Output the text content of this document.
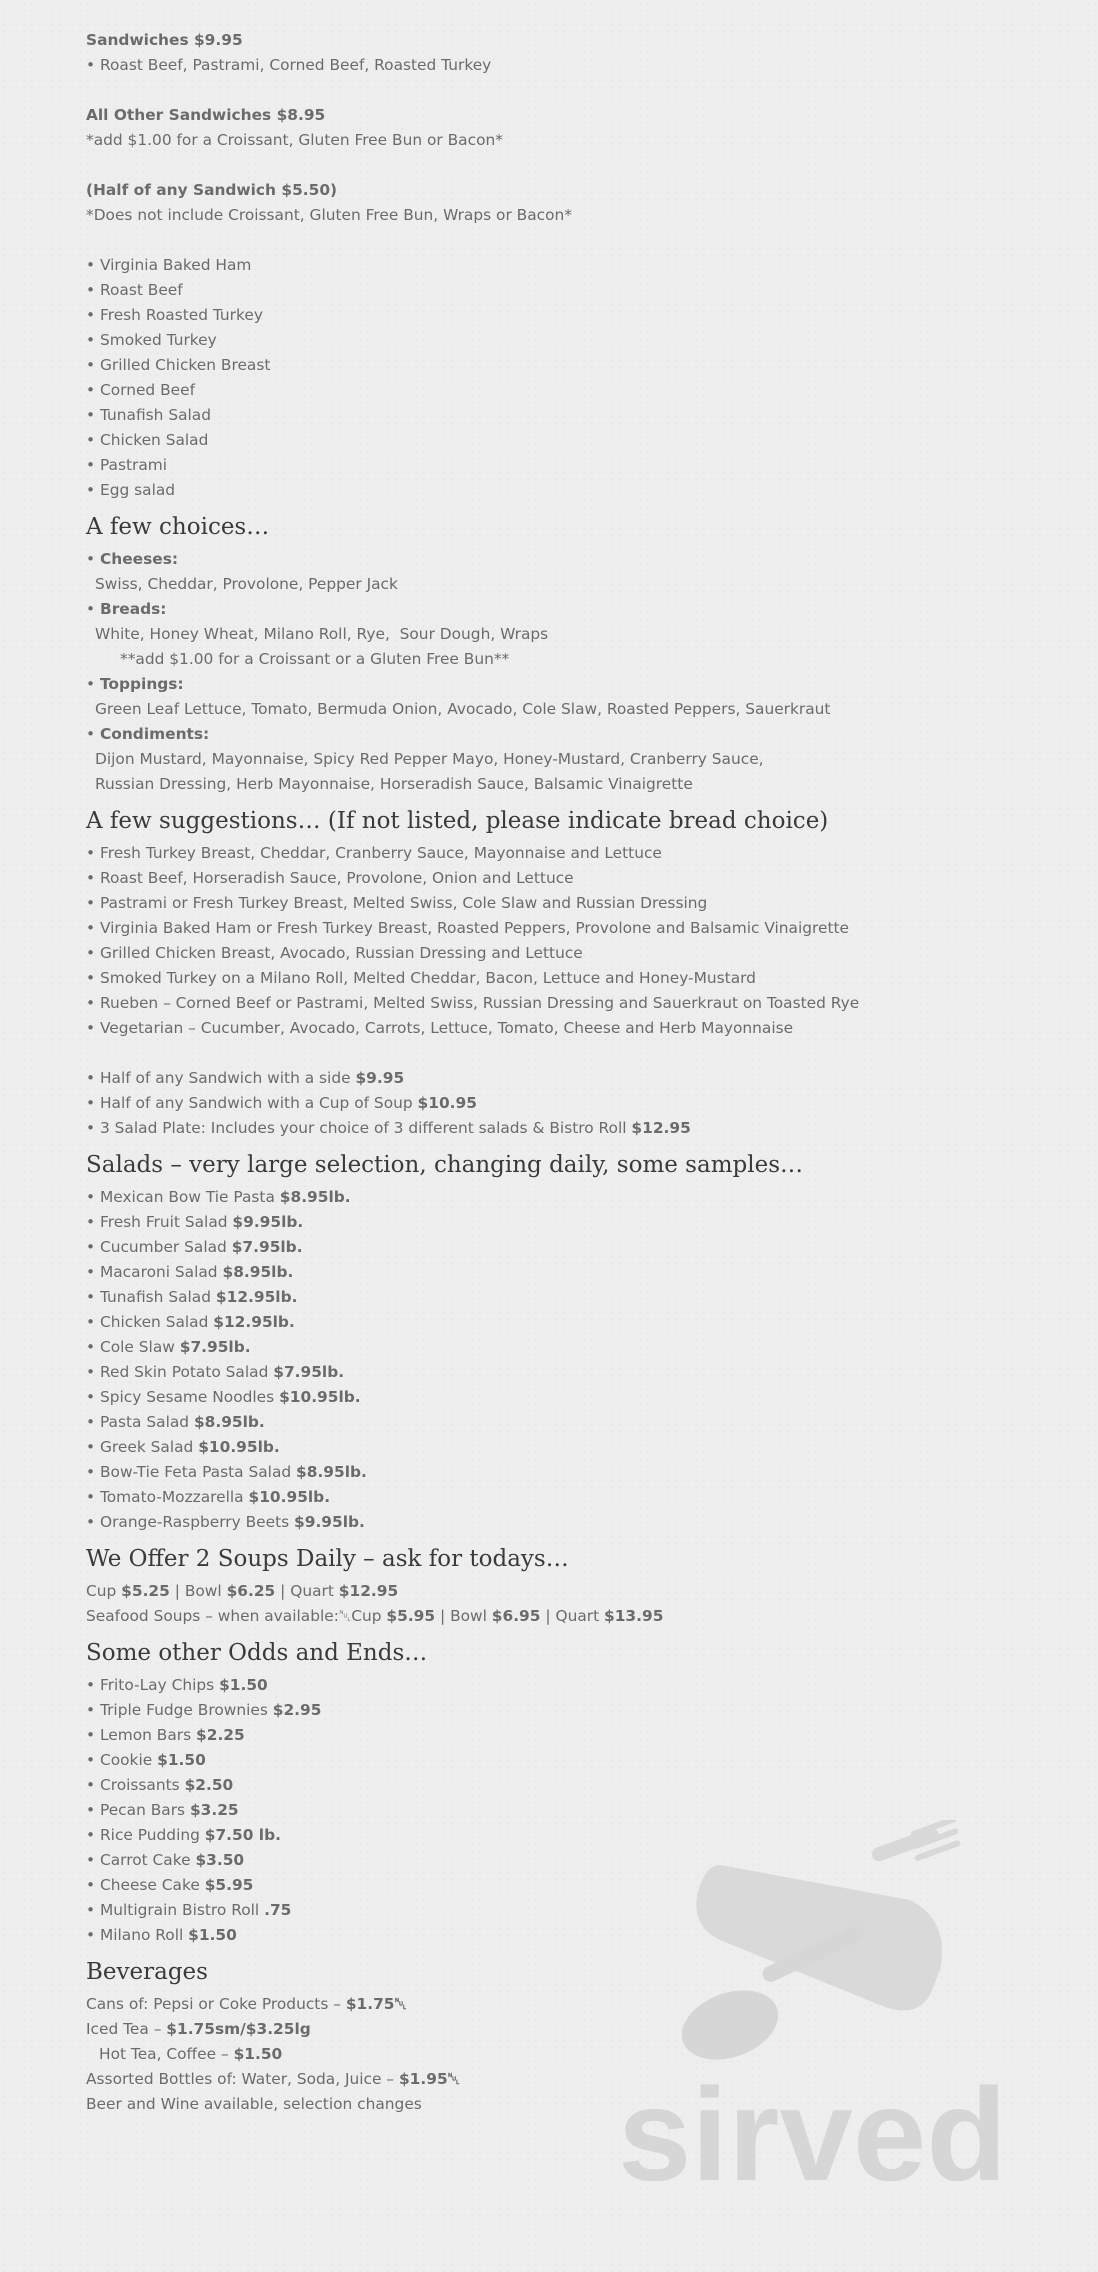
Sandwiches $9.95
• Roast Beef, Pastrami, Corned Beef, Roasted Turkey
All Other Sandwiches $8.95
*add $1.00 for a Croissant, Gluten Free Bun or Bacon*
(Half of any Sandwich $5.50)
*Does not include Croissant, Gluten Free Bun, Wraps or Bacon*
• Virginia Baked Ham
• Roast Beef
• Fresh Roasted Turkey
• Smoked Turkey
• Grilled Chicken Breast
• Corned Beef
• Tunafish Salad
• Chicken Salad
• Pastrami
• Egg salad
A few choices…
• Cheeses:
Swiss, Cheddar, Provolone, Pepper Jack
• Breads:
White, Honey Wheat, Milano Roll, Rye,  Sour Dough, Wraps
**add $1.00 for a Croissant or a Gluten Free Bun**
• Toppings:
Green Leaf Lettuce, Tomato, Bermuda Onion, Avocado, Cole Slaw, Roasted Peppers, Sauerkraut
• Condiments:
Dijon Mustard, Mayonnaise, Spicy Red Pepper Mayo, Honey-Mustard, Cranberry Sauce,
Russian Dressing, Herb Mayonnaise, Horseradish Sauce, Balsamic Vinaigrette
A few suggestions… (If not listed, please indicate bread choice)
• Fresh Turkey Breast, Cheddar, Cranberry Sauce, Mayonnaise and Lettuce
• Roast Beef, Horseradish Sauce, Provolone, Onion and Lettuce
• Pastrami or Fresh Turkey Breast, Melted Swiss, Cole Slaw and Russian Dressing
• Virginia Baked Ham or Fresh Turkey Breast, Roasted Peppers, Provolone and Balsamic Vinaigrette
• Grilled Chicken Breast, Avocado, Russian Dressing and Lettuce
• Smoked Turkey on a Milano Roll, Melted Cheddar, Bacon, Lettuce and Honey-Mustard
• Rueben – Corned Beef or Pastrami, Melted Swiss, Russian Dressing and Sauerkraut on Toasted Rye
• Vegetarian – Cucumber, Avocado, Carrots, Lettuce, Tomato, Cheese and Herb Mayonnaise
• Half of any Sandwich with a side $9.95
• Half of any Sandwich with a Cup of Soup $10.95
• 3 Salad Plate: Includes your choice of 3 different salads & Bistro Roll $12.95
Salads – very large selection, changing daily, some samples…
• Mexican Bow Tie Pasta $8.95lb.
• Fresh Fruit Salad $9.95lb.
• Cucumber Salad $7.95lb.
• Macaroni Salad $8.95lb.
• Tunafish Salad $12.95lb.
• Chicken Salad $12.95lb.
• Cole Slaw $7.95lb.
• Red Skin Potato Salad $7.95lb.
• Spicy Sesame Noodles $10.95lb.
• Pasta Salad $8.95lb.
• Greek Salad $10.95lb.
• Bow-Tie Feta Pasta Salad $8.95lb.
• Tomato-Mozzarella $10.95lb.
• Orange-Raspberry Beets $9.95lb.
We Offer 2 Soups Daily – ask for todays…
Cup $5.25 | Bowl $6.25 | Quart $12.95
Seafood Soups – when available:␀Cup $5.95 | Bowl $6.95 | Quart $13.95
Some other Odds and Ends…
• Frito-Lay Chips $1.50
• Triple Fudge Brownies $2.95
• Lemon Bars $2.25
• Cookie $1.50
• Croissants $2.50
• Pecan Bars $3.25
• Rice Pudding $7.50 lb.
• Carrot Cake $3.50
• Cheese Cake $5.95
• Multigrain Bistro Roll .75
• Milano Roll $1.50
Beverages
Cans of: Pepsi or Coke Products – $1.75␀
Iced Tea – $1.75sm/$3.25lg
Hot Tea, Coffee – $1.50
Assorted Bottles of: Water, Soda, Juice – $1.95␀
Beer and Wine available, selection changes	sirved
